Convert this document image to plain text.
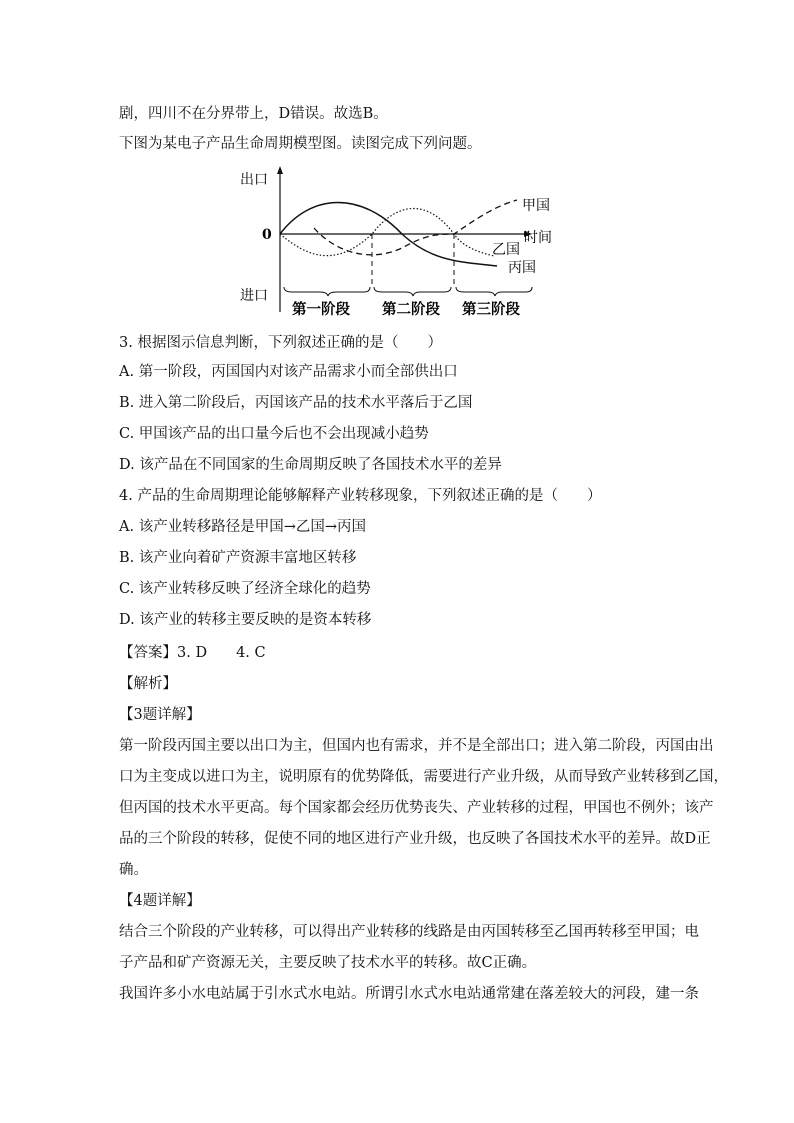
剧，四川不在分界带上，D错误。故选B。
下图为某电子产品生命周期模型图。读图完成下列问题。
出口
0
进口
时间
甲国
乙国
丙国
第一阶段 第二阶段 第三阶段
3. 根据图示信息判断，下列叙述正确的是（　　）
A. 第一阶段，丙国国内对该产品需求小而全部供出口
B. 进入第二阶段后，丙国该产品的技术水平落后于乙国
C. 甲国该产品的出口量今后也不会出现减小趋势
D. 该产品在不同国家的生命周期反映了各国技术水平的差异
4. 产品的生命周期理论能够解释产业转移现象，下列叙述正确的是（　　）
A. 该产业转移路径是甲国→乙国→丙国
B. 该产业向着矿产资源丰富地区转移
C. 该产业转移反映了经济全球化的趋势
D. 该产业的转移主要反映的是资本转移
【答案】3. D　　4. C
【解析】
【3题详解】
第一阶段丙国主要以出口为主，但国内也有需求，并不是全部出口；进入第二阶段，丙国由出
口为主变成以进口为主，说明原有的优势降低，需要进行产业升级，从而导致产业转移到乙国，
但丙国的技术水平更高。每个国家都会经历优势丧失、产业转移的过程，甲国也不例外；该产
品的三个阶段的转移，促使不同的地区进行产业升级，也反映了各国技术水平的差异。故D正
确。
【4题详解】
结合三个阶段的产业转移，可以得出产业转移的线路是由丙国转移至乙国再转移至甲国；电
子产品和矿产资源无关，主要反映了技术水平的转移。故C正确。
我国许多小水电站属于引水式水电站。所谓引水式水电站通常建在落差较大的河段，建一条
